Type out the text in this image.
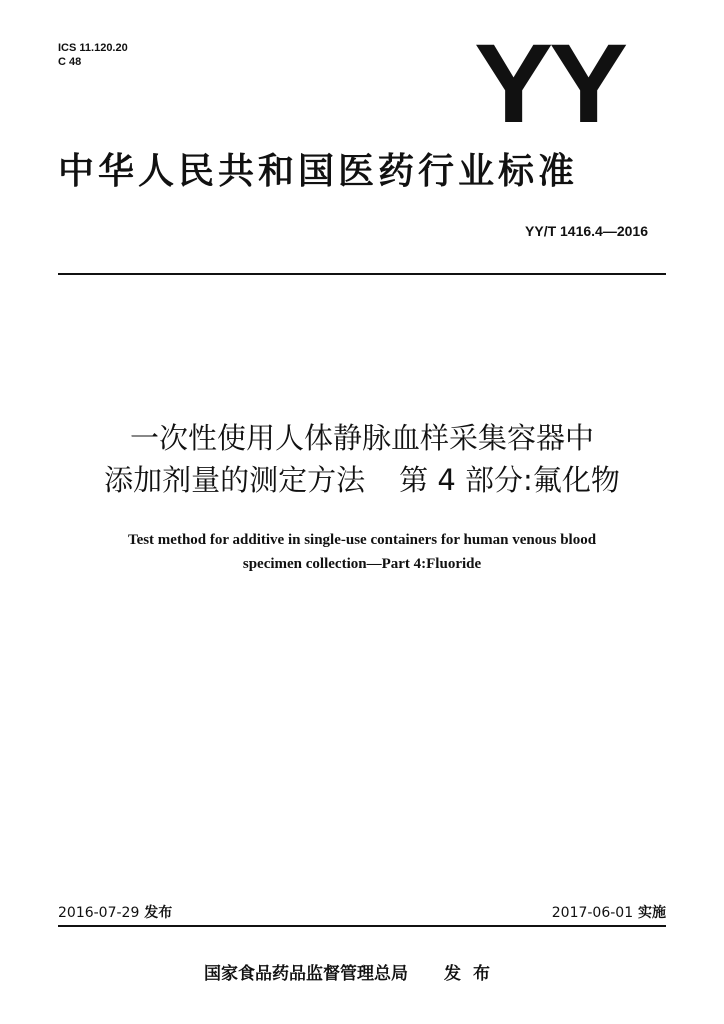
ICS 11.120.20
C 48	YY
中华人民共和国医药行业标准
YY/T 1416.4—2016
一次性使用人体静脉血样采集容器中
添加剂量的测定方法 第 4 部分:氟化物
Test method for additive in single-use containers for human venous blood
specimen collection—Part 4:Fluoride
2016-07-29 发布	2017-06-01 实施
国家食品药品监督管理总局 发布
